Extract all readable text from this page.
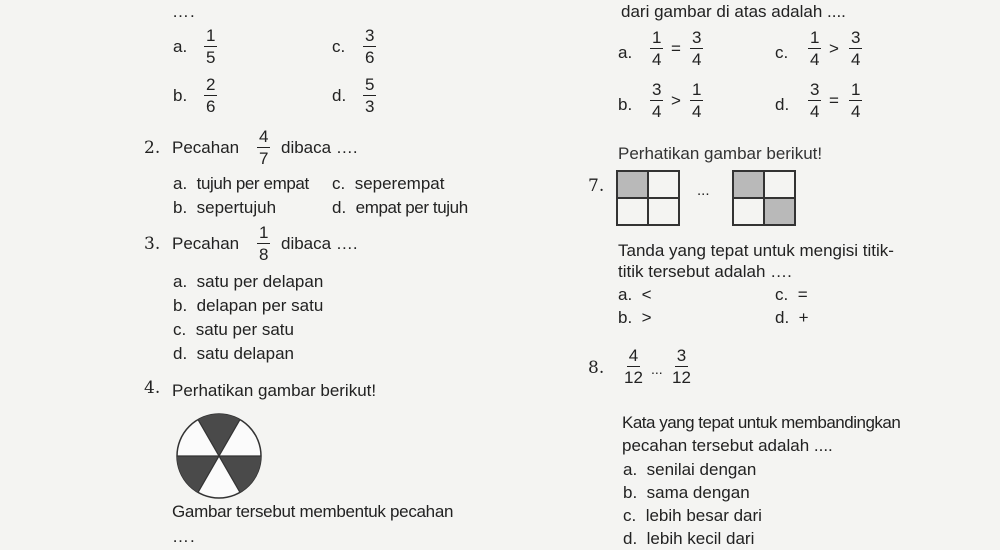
….
a. $\frac{1}{5}$
b. $\frac{2}{6}$
c. $\frac{3}{6}$
d. $\frac{5}{3}$
2. Pecahan $\frac{4}{7}$ dibaca ….
a. tujuh per empat
b. sepertujuh
c. seperempat
d. empat per tujuh
3. Pecahan $\frac{1}{8}$ dibaca ….
a. satu per delapan
b. delapan per satu
c. satu per satu
d. satu delapan
4. Perhatikan gambar berikut!
Gambar tersebut membentuk pecahan
….
dari gambar di atas adalah ....
a. $\frac{1}{4} = \frac{3}{4}$
b. $\frac{3}{4} > \frac{1}{4}$
c. $\frac{1}{4} > \frac{3}{4}$
d. $\frac{3}{4} = \frac{1}{4}$
Perhatikan gambar berikut!
7.	...
Tanda yang tepat untuk mengisi titik-
titik tersebut adalah ….
a. <
b. >
c. =
d. +
8. $\frac{4}{12}$ ... $\frac{3}{12}$
Kata yang tepat untuk membandingkan
pecahan tersebut adalah ....
a. senilai dengan
b. sama dengan
c. lebih besar dari
d. lebih kecil dari
